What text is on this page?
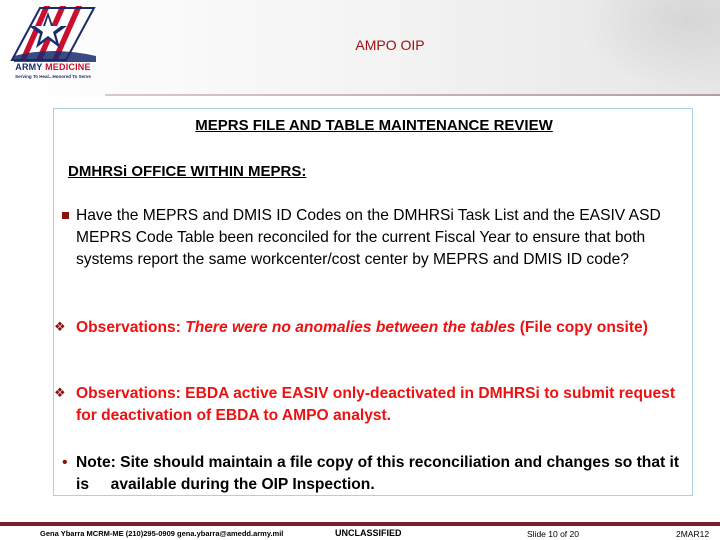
ARMY MEDICINE
Serving To Heal...Honored To Serve
AMPO OIP
MEPRS FILE AND TABLE MAINTENANCE REVIEW
DMHRSi OFFICE WITHIN MEPRS:
Have the MEPRS and DMIS ID Codes on the DMHRSi Task List and the EASIV ASD MEPRS Code Table been reconciled for the current Fiscal Year to ensure that both systems report the same workcenter/cost center by MEPRS and DMIS ID code?
❖ Observations: There were no anomalies between the tables (File copy onsite)
❖ Observations: EBDA active EASIV only-deactivated in DMHRSi to submit request for deactivation of EBDA to AMPO analyst.
• Note: Site should maintain a file copy of this reconciliation and changes so that it is     available during the OIP Inspection.
Gena Ybarra MCRM-ME (210)295-0909 gena.ybarra@amedd.army.mil	UNCLASSIFIED	Slide 10 of 20	2MAR12
